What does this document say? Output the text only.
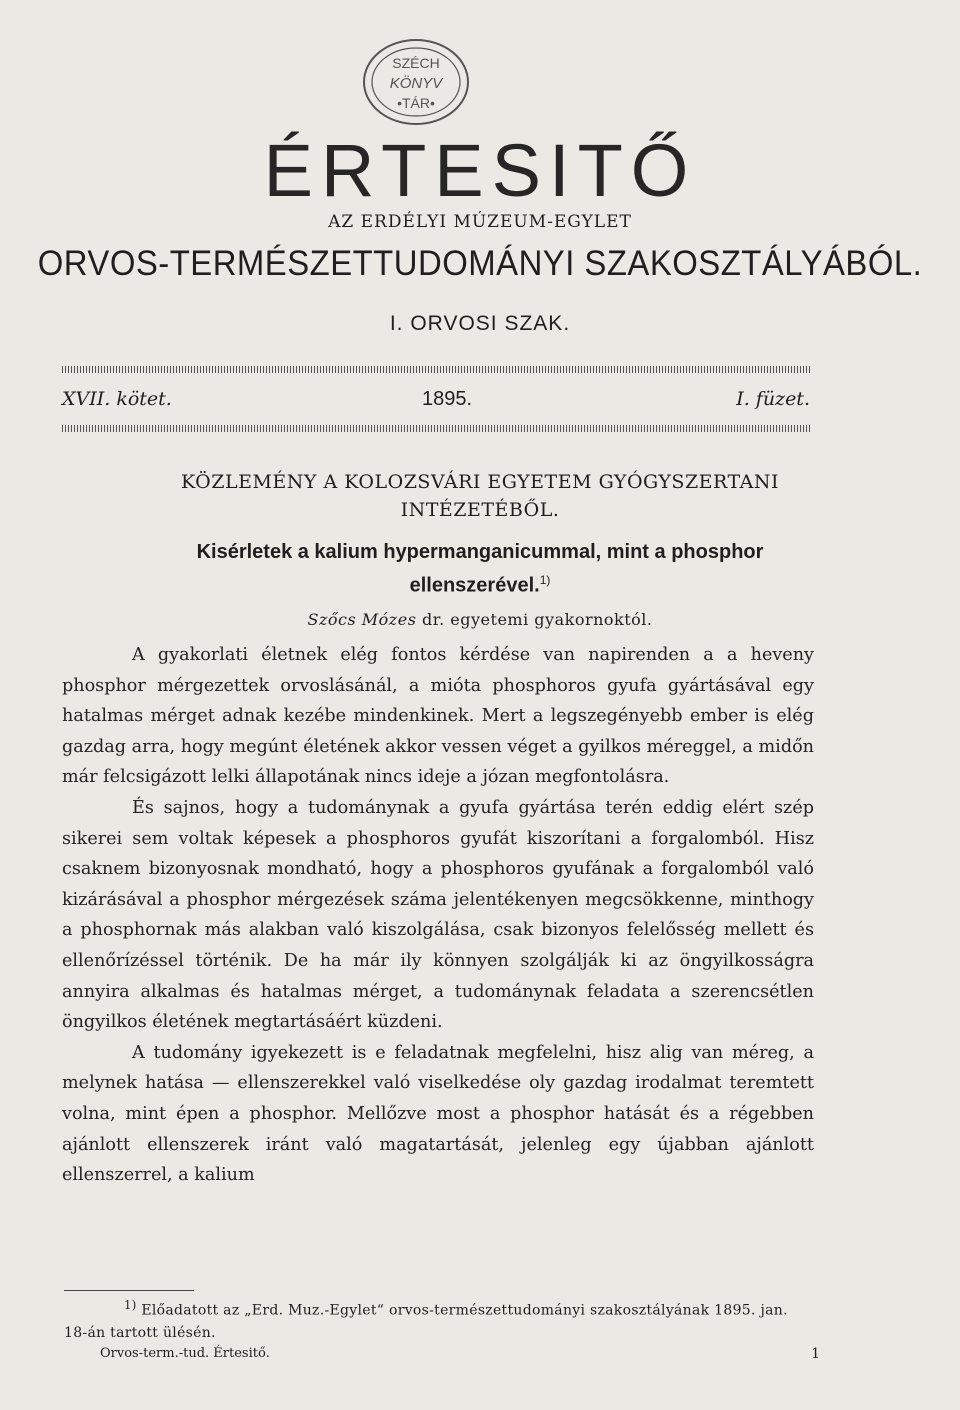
SZÉCH
KÖNYV
•TÁR•
ÉRTESITŐ
AZ ERDÉLYI MÚZEUM-EGYLET
ORVOS-TERMÉSZETTUDOMÁNYI SZAKOSZTÁLYÁBÓL.
I. ORVOSI SZAK.
XVII. kötet.	1895.	I. füzet.
KÖZLEMÉNY A KOLOZSVÁRI EGYETEM GYÓGYSZERTANI
INTÉZETÉBŐL.
Kisérletek a kalium hypermanganicummal, mint a phosphor
ellenszerével.$^{1)}$
Szőcs Mózes dr. egyetemi gyakornoktól.

A gyakorlati életnek elég fontos kérdése van napirenden a a heveny phosphor mérgezettek orvoslásánál, a mióta phosphoros gyufa gyártásával egy hatalmas mérget adnak kezébe mindenkinek. Mert a legszegényebb ember is elég gazdag arra, hogy megúnt életének akkor vessen véget a gyilkos méreggel, a midőn már felcsigázott lelki állapotának nincs ideje a józan megfontolásra.

És sajnos, hogy a tudománynak a gyufa gyártása terén eddig elért szép sikerei sem voltak képesek a phosphoros gyufát kiszorítani a forgalomból. Hisz csaknem bizonyosnak mondható, hogy a phosphoros gyufának a forgalomból való kizárásával a phosphor mérgezések száma jelentékenyen megcsökkenne, minthogy a phosphornak más alakban való kiszolgálása, csak bizonyos felelősség mellett és ellenőrízéssel történik. De ha már ily könnyen szolgálják ki az öngyilkosságra annyira alkalmas és hatalmas mérget, a tudománynak feladata a szerencsétlen öngyilkos életének megtartásáért küzdeni.

A tudomány igyekezett is e feladatnak megfelelni, hisz alig van méreg, a melynek hatása — ellenszerekkel való viselkedése oly gazdag irodalmat teremtett volna, mint épen a phosphor. Mellőzve most a phosphor hatását és a régebben ajánlott ellenszerek iránt való magatartását, jelenleg egy újabban ajánlott ellenszerrel, a kalium

$^{1)}$ Előadatott az „Erd. Muz.-Egylet“ orvos-természettudományi szakosztályának 1895. jan. 18-án tartott ülésén.
Orvos-term.-tud. Értesitő.	1
